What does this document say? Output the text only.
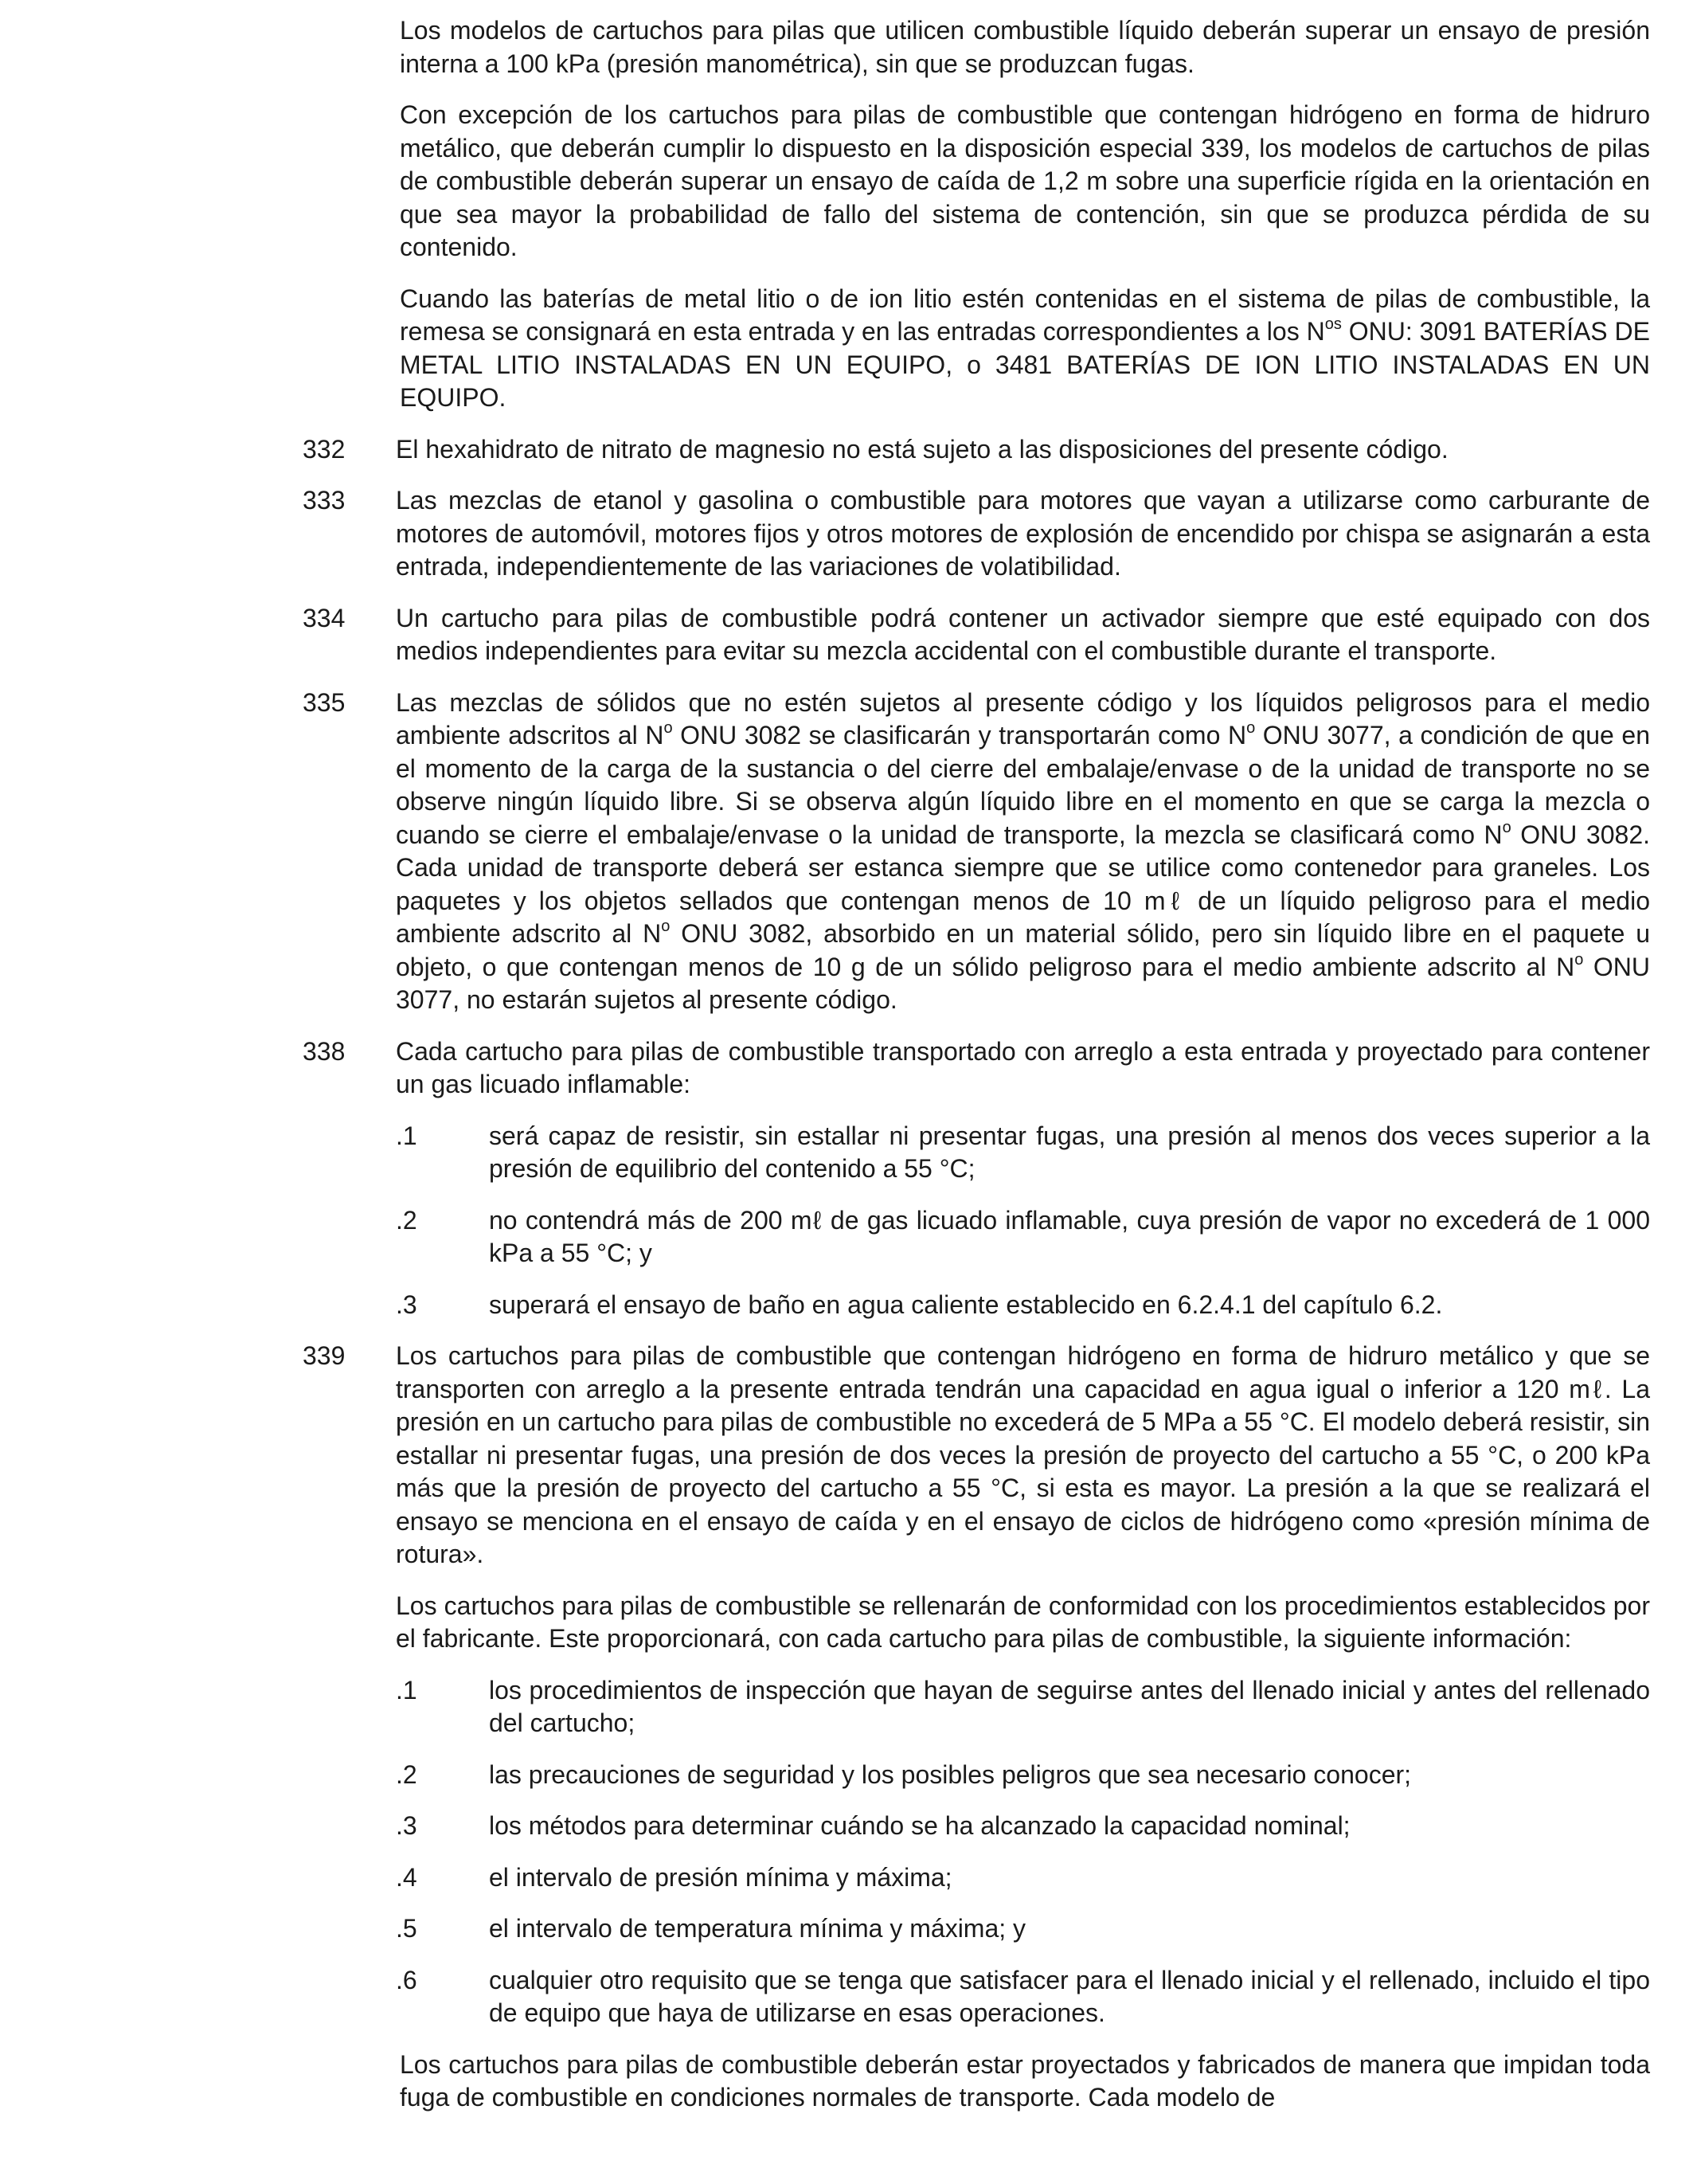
Los modelos de cartuchos para pilas que utilicen combustible líquido deberán superar un ensayo de presión interna a 100 kPa (presión manométrica), sin que se produzcan fugas.

Con excepción de los cartuchos para pilas de combustible que contengan hidrógeno en forma de hidruro metálico, que deberán cumplir lo dispuesto en la disposición especial 339, los modelos de cartuchos de pilas de combustible deberán superar un ensayo de caída de 1,2 m sobre una superficie rígida en la orientación en que sea mayor la probabilidad de fallo del sistema de contención, sin que se produzca pérdida de su contenido.

Cuando las baterías de metal litio o de ion litio estén contenidas en el sistema de pilas de combustible, la remesa se consignará en esta entrada y en las entradas correspondientes a los $N^{os}$ ONU: 3091 BATERÍAS DE METAL LITIO INSTALADAS EN UN EQUIPO, o 3481 BATERÍAS DE ION LITIO INSTALADAS EN UN EQUIPO.

332	El hexahidrato de nitrato de magnesio no está sujeto a las disposiciones del presente código.

333	Las mezclas de etanol y gasolina o combustible para motores que vayan a utilizarse como carburante de motores de automóvil, motores fijos y otros motores de explosión de encendido por chispa se asignarán a esta entrada, independientemente de las variaciones de volatibilidad.

334	Un cartucho para pilas de combustible podrá contener un activador siempre que esté equipado con dos medios independientes para evitar su mezcla accidental con el combustible durante el transporte.

335	Las mezclas de sólidos que no estén sujetos al presente código y los líquidos peligrosos para el medio ambiente adscritos al $N^o$ ONU 3082 se clasificarán y transportarán como $N^o$ ONU 3077, a condición de que en el momento de la carga de la sustancia o del cierre del embalaje/envase o de la unidad de transporte no se observe ningún líquido libre. Si se observa algún líquido libre en el momento en que se carga la mezcla o cuando se cierre el embalaje/envase o la unidad de transporte, la mezcla se clasificará como $N^o$ ONU 3082. Cada unidad de transporte deberá ser estanca siempre que se utilice como contenedor para graneles. Los paquetes y los objetos sellados que contengan menos de 10 mℓ de un líquido peligroso para el medio ambiente adscrito al $N^o$ ONU 3082, absorbido en un material sólido, pero sin líquido libre en el paquete u objeto, o que contengan menos de 10 g de un sólido peligroso para el medio ambiente adscrito al $N^o$ ONU 3077, no estarán sujetos al presente código.

338	Cada cartucho para pilas de combustible transportado con arreglo a esta entrada y proyectado para contener un gas licuado inflamable:

.1	será capaz de resistir, sin estallar ni presentar fugas, una presión al menos dos veces superior a la presión de equilibrio del contenido a 55 °C;
.2	no contendrá más de 200 mℓ de gas licuado inflamable, cuya presión de vapor no excederá de 1 000 kPa a 55 °C; y
.3	superará el ensayo de baño en agua caliente establecido en 6.2.4.1 del capítulo 6.2.
339	Los cartuchos para pilas de combustible que contengan hidrógeno en forma de hidruro metálico y que se transporten con arreglo a la presente entrada tendrán una capacidad en agua igual o inferior a 120 mℓ. La presión en un cartucho para pilas de combustible no excederá de 5 MPa a 55 °C. El modelo deberá resistir, sin estallar ni presentar fugas, una presión de dos veces la presión de proyecto del cartucho a 55 °C, o 200 kPa más que la presión de proyecto del cartucho a 55 °C, si esta es mayor. La presión a la que se realizará el ensayo se menciona en el ensayo de caída y en el ensayo de ciclos de hidrógeno como «presión mínima de rotura».

Los cartuchos para pilas de combustible se rellenarán de conformidad con los procedimientos establecidos por el fabricante. Este proporcionará, con cada cartucho para pilas de combustible, la siguiente información:

.1	los procedimientos de inspección que hayan de seguirse antes del llenado inicial y antes del rellenado del cartucho;
.2	las precauciones de seguridad y los posibles peligros que sea necesario conocer;
.3	los métodos para determinar cuándo se ha alcanzado la capacidad nominal;
.4	el intervalo de presión mínima y máxima;
.5	el intervalo de temperatura mínima y máxima; y
.6	cualquier otro requisito que se tenga que satisfacer para el llenado inicial y el rellenado, incluido el tipo de equipo que haya de utilizarse en esas operaciones.

Los cartuchos para pilas de combustible deberán estar proyectados y fabricados de manera que impidan toda fuga de combustible en condiciones normales de transporte. Cada modelo de
